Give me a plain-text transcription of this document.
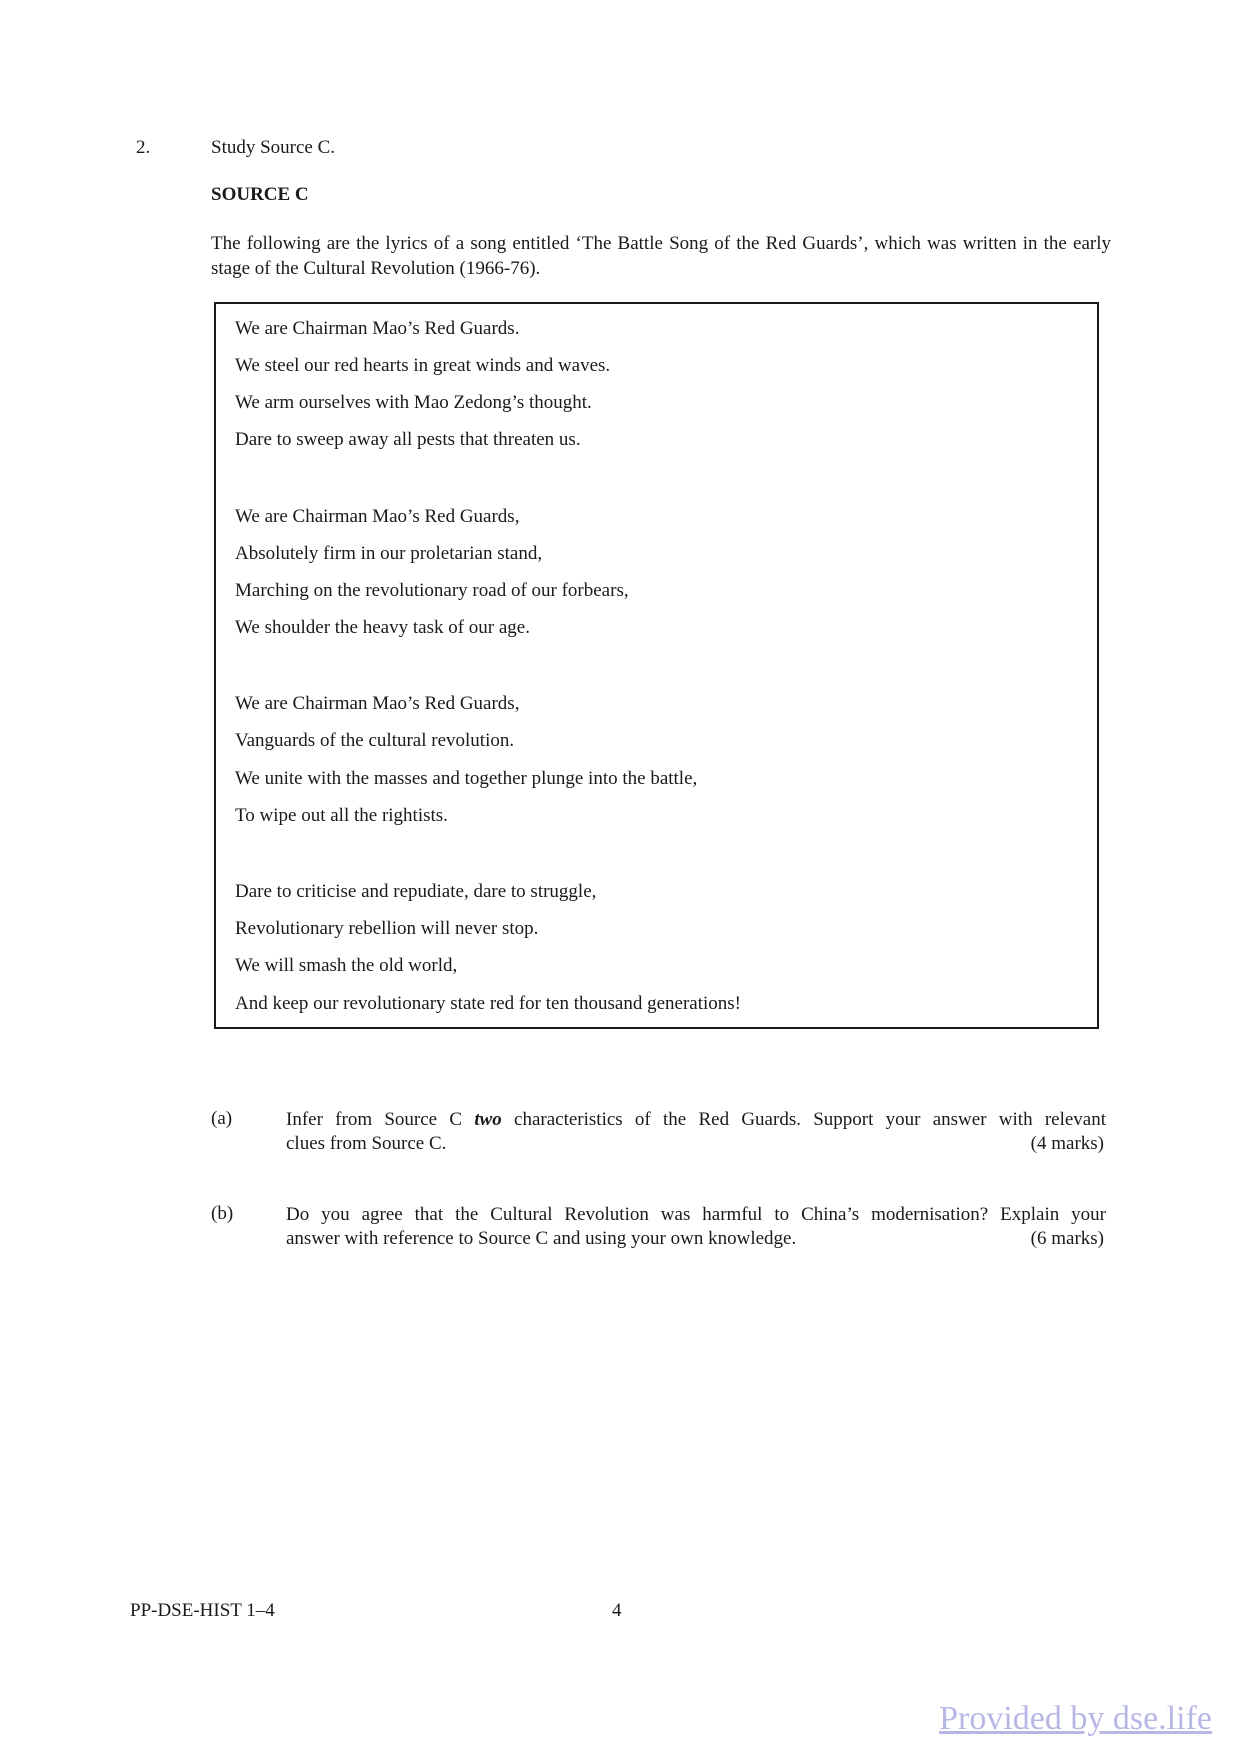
2.	Study Source C.
SOURCE C
The following are the lyrics of a song entitled ‘The Battle Song of the Red Guards’, which was written in the early stage of the Cultural Revolution (1966-76).
We are Chairman Mao’s Red Guards.
We steel our red hearts in great winds and waves.
We arm ourselves with Mao Zedong’s thought.
Dare to sweep away all pests that threaten us.
We are Chairman Mao’s Red Guards,
Absolutely firm in our proletarian stand,
Marching on the revolutionary road of our forbears,
We shoulder the heavy task of our age.
We are Chairman Mao’s Red Guards,
Vanguards of the cultural revolution.
We unite with the masses and together plunge into the battle,
To wipe out all the rightists.
Dare to criticise and repudiate, dare to struggle,
Revolutionary rebellion will never stop.
We will smash the old world,
And keep our revolutionary state red for ten thousand generations!
(a)	Infer from Source C two characteristics of the Red Guards. Support your answer with relevant
clues from Source C.	(4 marks)
(b)	Do you agree that the Cultural Revolution was harmful to China’s modernisation? Explain your
answer with reference to Source C and using your own knowledge.	(6 marks)
PP-DSE-HIST 1–4	4
Provided by dse.life
